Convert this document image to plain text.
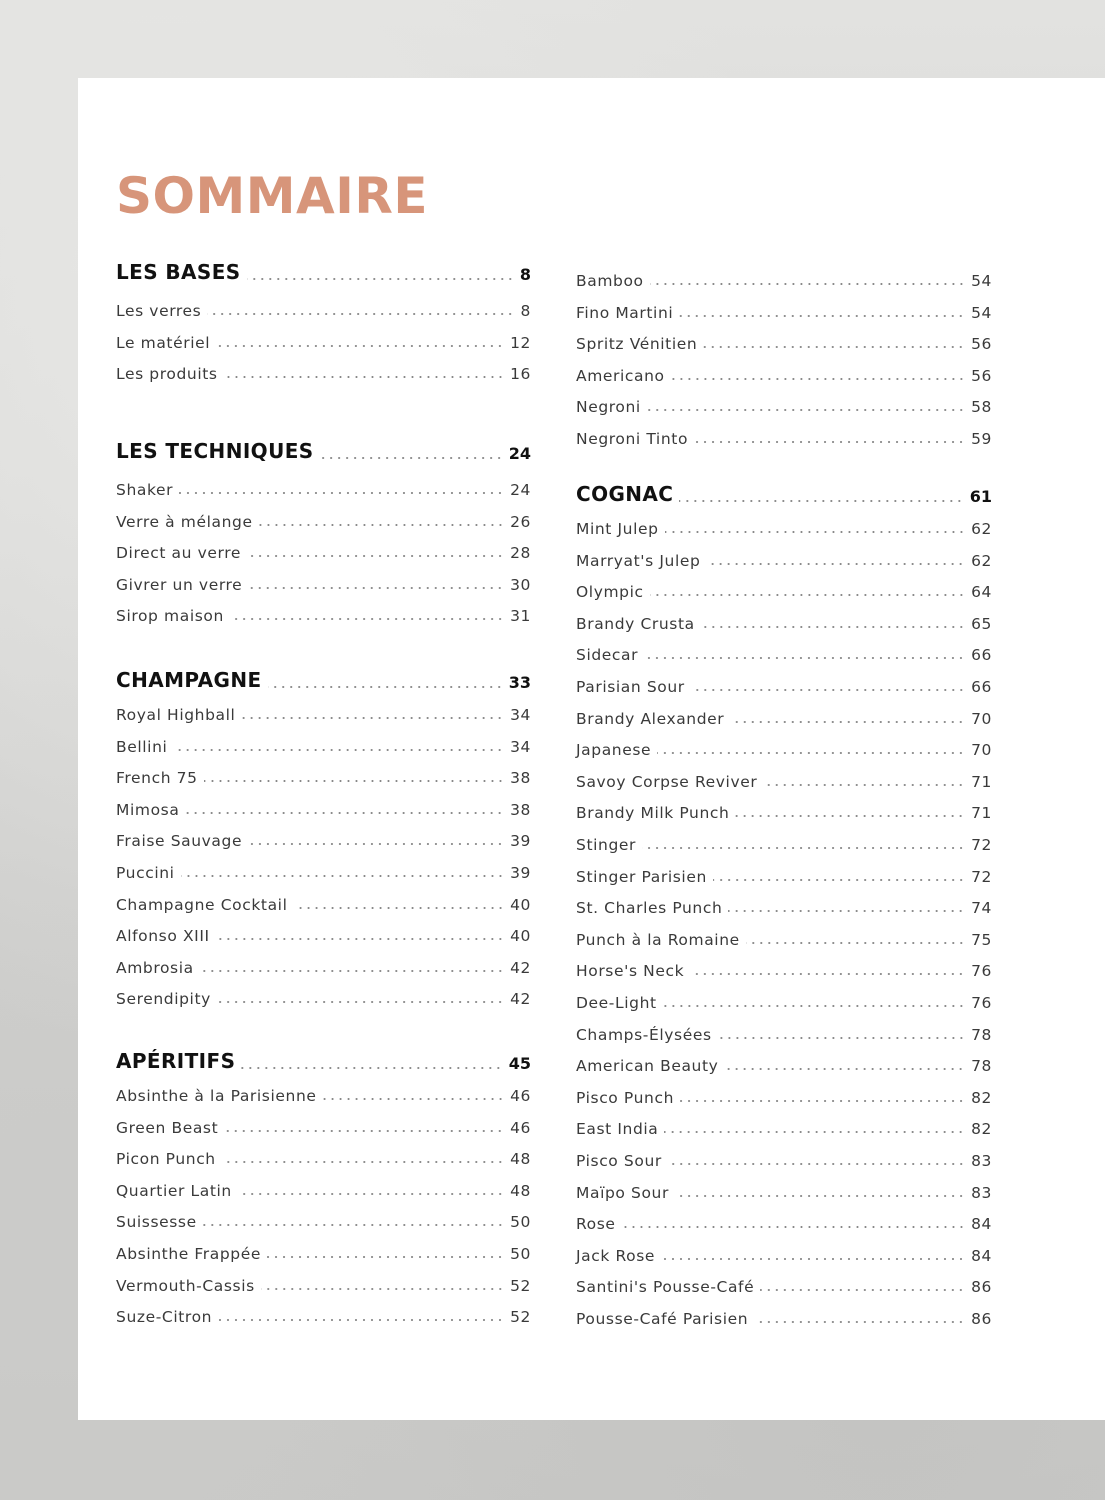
SOMMAIRE
LES BASES	8
Les verres	8
Le matériel	12
Les produits	16
LES TECHNIQUES	24
Shaker	24
Verre à mélange	26
Direct au verre	28
Givrer un verre	30
Sirop maison	31
CHAMPAGNE	33
Royal Highball	34
Bellini	34
French 75	38
Mimosa	38
Fraise Sauvage	39
Puccini	39
Champagne Cocktail	40
Alfonso XIII	40
Ambrosia	42
Serendipity	42
APÉRITIFS	45
Absinthe à la Parisienne	46
Green Beast	46
Picon Punch	48
Quartier Latin	48
Suissesse	50
Absinthe Frappée	50
Vermouth-Cassis	52
Suze-Citron	52
Bamboo	54
Fino Martini	54
Spritz Vénitien	56
Americano	56
Negroni	58
Negroni Tinto	59
COGNAC	61
Mint Julep	62
Marryat's Julep	62
Olympic	64
Brandy Crusta	65
Sidecar	66
Parisian Sour	66
Brandy Alexander	70
Japanese	70
Savoy Corpse Reviver	71
Brandy Milk Punch	71
Stinger	72
Stinger Parisien	72
St. Charles Punch	74
Punch à la Romaine	75
Horse's Neck	76
Dee-Light	76
Champs-Élysées	78
American Beauty	78
Pisco Punch	82
East India	82
Pisco Sour	83
Maïpo Sour	83
Rose	84
Jack Rose	84
Santini's Pousse-Café	86
Pousse-Café Parisien	86
